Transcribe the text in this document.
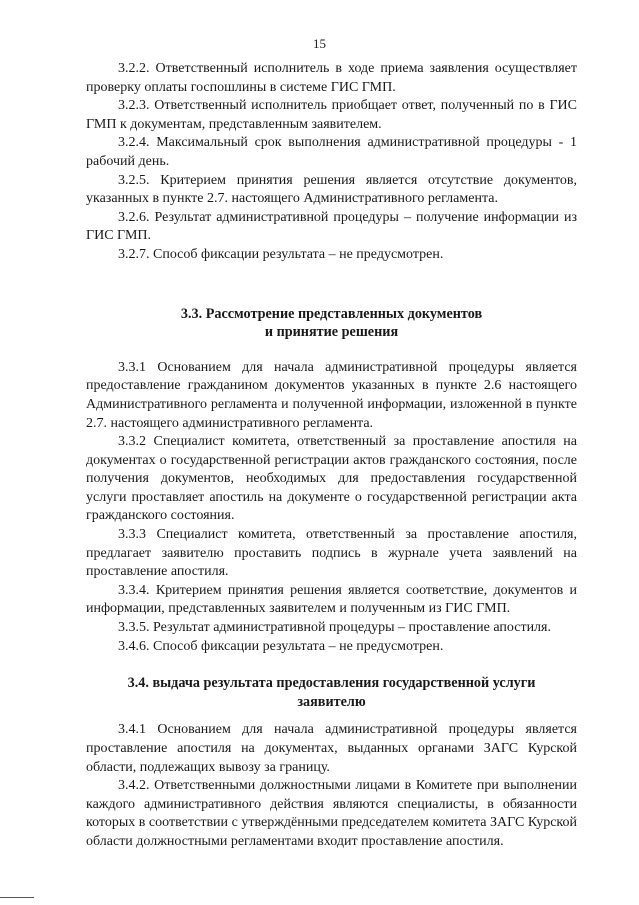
15

3.2.2. Ответственный исполнитель в ходе приема заявления осуществляет проверку оплаты госпошлины в системе ГИС ГМП.

3.2.3. Ответственный исполнитель приобщает ответ, полученный по в ГИС ГМП к документам, представленным заявителем.

3.2.4. Максимальный срок выполнения административной процедуры - 1 рабочий день.

3.2.5. Критерием принятия решения является отсутствие документов, указанных в пункте 2.7. настоящего Административного регламента.

3.2.6. Результат административной процедуры – получение информации из ГИС ГМП.

3.2.7. Способ фиксации результата – не предусмотрен.

3.3. Рассмотрение представленных документов
и принятие решения

3.3.1 Основанием для начала административной процедуры является предоставление гражданином документов указанных в пункте 2.6 настоящего Административного регламента и полученной информации, изложенной в пункте 2.7. настоящего административного регламента.

3.3.2 Специалист комитета, ответственный за проставление апостиля на документах о государственной регистрации актов гражданского состояния, после получения документов, необходимых для предоставления государственной услуги проставляет апостиль на документе о государственной регистрации акта гражданского состояния.

3.3.3 Специалист комитета, ответственный за проставление апостиля, предлагает заявителю проставить подпись в журнале учета заявлений на проставление апостиля.

3.3.4. Критерием принятия решения является соответствие, документов и информации, представленных заявителем и полученным из ГИС ГМП.

3.3.5. Результат административной процедуры – проставление апостиля.

3.4.6. Способ фиксации результата – не предусмотрен.

3.4. выдача результата предоставления государственной услуги
заявителю

3.4.1 Основанием для начала административной процедуры является проставление апостиля на документах, выданных органами ЗАГС Курской области, подлежащих вывозу за границу.

3.4.2. Ответственными должностными лицами в Комитете при выполнении каждого административного действия являются специалисты, в обязанности которых в соответствии с утверждёнными председателем комитета ЗАГС Курской области должностными регламентами входит проставление апостиля.
